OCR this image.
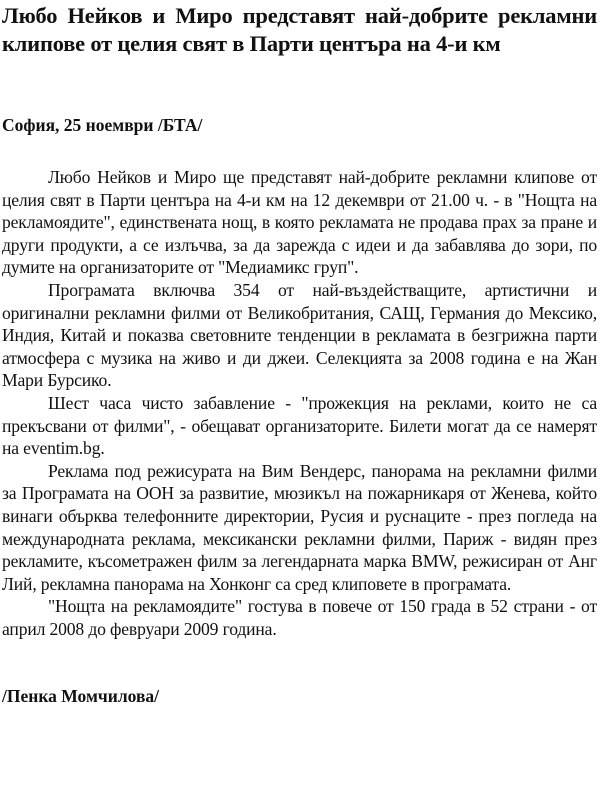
Любо Нейков и Миро представят най-добрите рекламни клипове от целия свят в Парти центъра на 4-и км

София, 25 ноември /БТА/

Любо Нейков и Миро ще представят най-добрите рекламни клипове от целия свят в Парти центъра на 4-и км на 12 декември от 21.00 ч. - в "Нощта на рекламоядите", единствената нощ, в която рекламата не продава прах за пране и други продукти, а се излъчва, за да зарежда с идеи и да забавлява до зори, по думите на организаторите от "Медиамикс груп".

Програмата включва 354 от най-въздействащите, артистични и оригинални рекламни филми от Великобритания, САЩ, Германия до Мексико, Индия, Китай и показва световните тенденции в рекламата в безгрижна парти атмосфера с музика на живо и ди джеи. Селекцията за 2008 година е на Жан Мари Бурсико.

Шест часа чисто забавление - "прожекция на реклами, които не са прекъсвани от филми", - обещават организаторите. Билети могат да се намерят на eventim.bg.

Реклама под режисурата на Вим Вендерс, панорама на рекламни филми за Програмата на ООН за развитие, мюзикъл на пожарникаря от Женева, който винаги обърква телефонните директории, Русия и руснаците - през погледа на международната реклама, мексикански рекламни филми, Париж - видян през рекламите, късометражен филм за легендарната марка BMW, режисиран от Анг Лий, рекламна панорама на Хонконг са сред клиповете в програмата.

"Нощта на рекламоядите" гостува в повече от 150 града в 52 страни - от април 2008 до февруари 2009 година.

/Пенка Момчилова/
